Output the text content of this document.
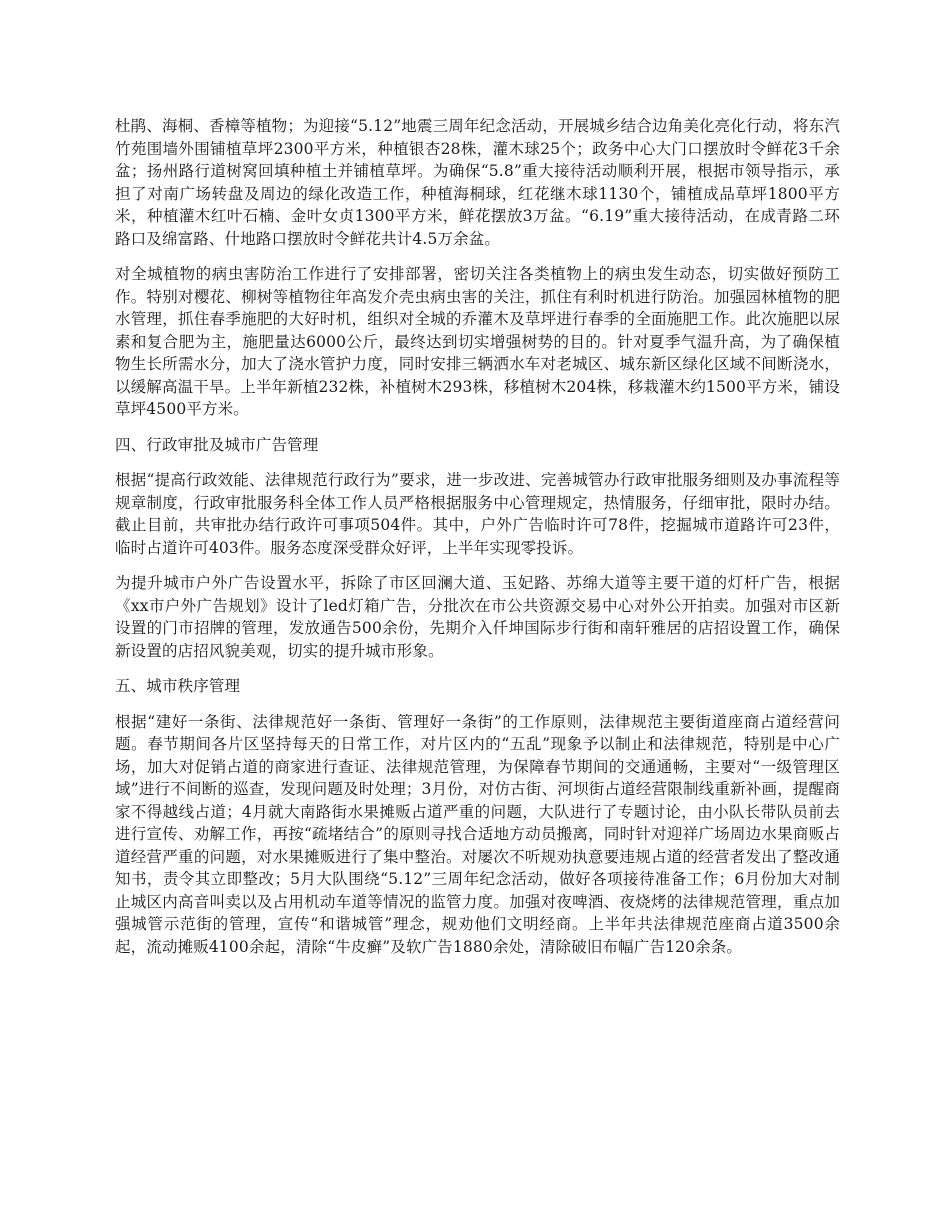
杜鹃、海桐、香樟等植物；为迎接“5.12”地震三周年纪念活动，开展城乡结合边角美化亮化行动，将东汽竹苑围墙外围铺植草坪2300平方米，种植银杏28株，灌木球25个；政务中心大门口摆放时令鲜花3千余盆；扬州路行道树窝回填种植土并铺植草坪。为确保“5.8”重大接待活动顺利开展，根据市领导指示，承担了对南广场转盘及周边的绿化改造工作，种植海桐球，红花继木球1130个，铺植成品草坪1800平方米，种植灌木红叶石楠、金叶女贞1300平方米，鲜花摆放3万盆。“6.19”重大接待活动，在成青路二环路口及绵富路、什地路口摆放时令鲜花共计4.5万余盆。

对全城植物的病虫害防治工作进行了安排部署，密切关注各类植物上的病虫发生动态，切实做好预防工作。特别对樱花、柳树等植物往年高发介壳虫病虫害的关注，抓住有利时机进行防治。加强园林植物的肥水管理，抓住春季施肥的大好时机，组织对全城的乔灌木及草坪进行春季的全面施肥工作。此次施肥以尿素和复合肥为主，施肥量达6000公斤，最终达到切实增强树势的目的。针对夏季气温升高，为了确保植物生长所需水分，加大了浇水管护力度，同时安排三辆洒水车对老城区、城东新区绿化区域不间断浇水，以缓解高温干旱。上半年新植232株，补植树木293株，移植树木204株，移栽灌木约1500平方米，铺设草坪4500平方米。

四、行政审批及城市广告管理

根据“提高行政效能、法律规范行政行为”要求，进一步改进、完善城管办行政审批服务细则及办事流程等规章制度，行政审批服务科全体工作人员严格根据服务中心管理规定，热情服务，仔细审批，限时办结。截止目前，共审批办结行政许可事项504件。其中，户外广告临时许可78件，挖掘城市道路许可23件，临时占道许可403件。服务态度深受群众好评，上半年实现零投诉。

为提升城市户外广告设置水平，拆除了市区回澜大道、玉妃路、苏绵大道等主要干道的灯杆广告，根据《xx市户外广告规划》设计了led灯箱广告，分批次在市公共资源交易中心对外公开拍卖。加强对市区新设置的门市招牌的管理，发放通告500余份，先期介入仟坤国际步行街和南轩雅居的店招设置工作，确保新设置的店招风貌美观，切实的提升城市形象。

五、城市秩序管理

根据“建好一条街、法律规范好一条街、管理好一条街”的工作原则，法律规范主要街道座商占道经营问题。春节期间各片区坚持每天的日常工作，对片区内的“五乱”现象予以制止和法律规范，特别是中心广场，加大对促销占道的商家进行查证、法律规范管理，为保障春节期间的交通通畅，主要对“一级管理区域”进行不间断的巡查，发现问题及时处理；3月份，对仿古街、河坝街占道经营限制线重新补画，提醒商家不得越线占道；4月就大南路街水果摊贩占道严重的问题，大队进行了专题讨论，由小队长带队员前去进行宣传、劝解工作，再按“疏堵结合”的原则寻找合适地方动员搬离，同时针对迎祥广场周边水果商贩占道经营严重的问题，对水果摊贩进行了集中整治。对屡次不听规劝执意要违规占道的经营者发出了整改通知书，责令其立即整改；5月大队围绕“5.12”三周年纪念活动，做好各项接待准备工作；6月份加大对制止城区内高音叫卖以及占用机动车道等情况的监管力度。加强对夜啤酒、夜烧烤的法律规范管理，重点加强城管示范街的管理，宣传“和谐城管”理念，规劝他们文明经商。上半年共法律规范座商占道3500余起，流动摊贩4100余起，清除“牛皮癣”及软广告1880余处，清除破旧布幅广告120余条。
